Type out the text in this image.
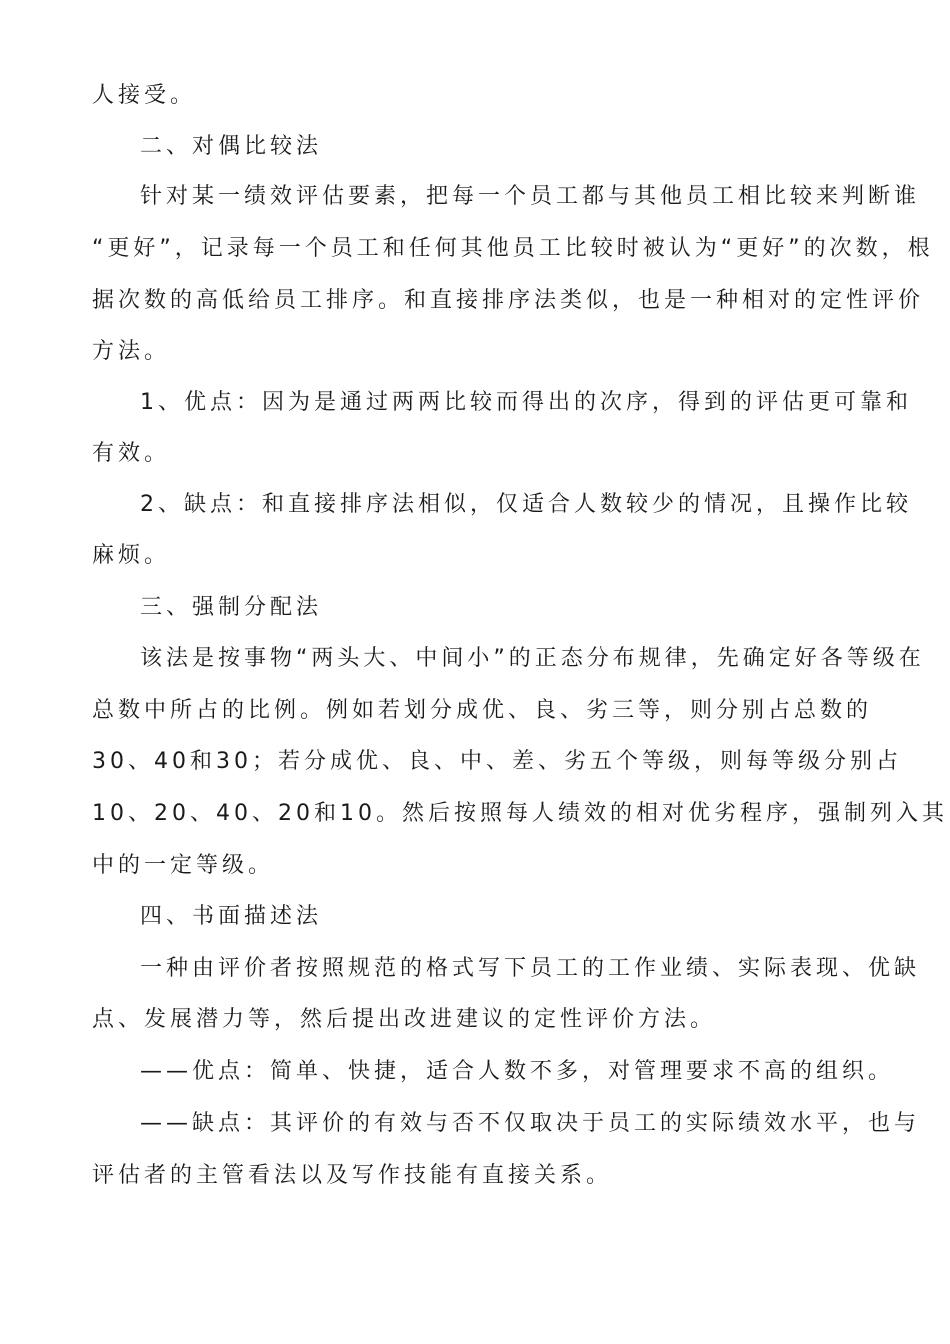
人接受。
二、对偶比较法
针对某一绩效评估要素，把每一个员工都与其他员工相比较来判断谁
“更好”，记录每一个员工和任何其他员工比较时被认为“更好”的次数，根
据次数的高低给员工排序。和直接排序法类似，也是一种相对的定性评价
方法。
1、优点：因为是通过两两比较而得出的次序，得到的评估更可靠和
有效。
2、缺点：和直接排序法相似，仅适合人数较少的情况，且操作比较
麻烦。
三、强制分配法
该法是按事物“两头大、中间小”的正态分布规律，先确定好各等级在
总数中所占的比例。例如若划分成优、良、劣三等，则分别占总数的
30、40和30；若分成优、良、中、差、劣五个等级，则每等级分别占
10、20、40、20和10。然后按照每人绩效的相对优劣程序，强制列入其
中的一定等级。
四、书面描述法
一种由评价者按照规范的格式写下员工的工作业绩、实际表现、优缺
点、发展潜力等，然后提出改进建议的定性评价方法。
——优点：简单、快捷，适合人数不多，对管理要求不高的组织。
——缺点：其评价的有效与否不仅取决于员工的实际绩效水平，也与
评估者的主管看法以及写作技能有直接关系。
